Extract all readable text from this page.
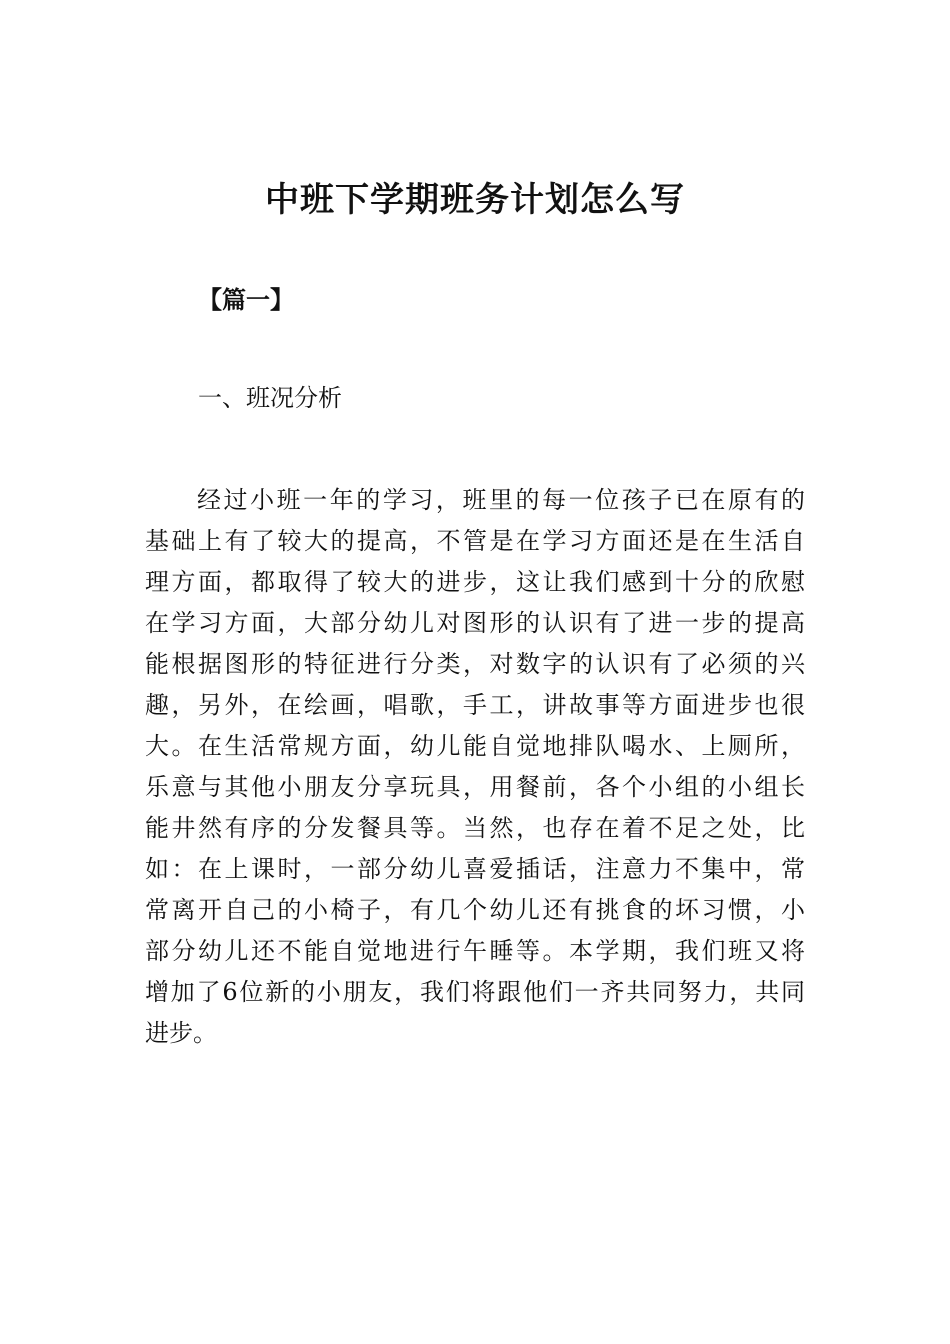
中班下学期班务计划怎么写

【篇一】

一、班况分析

经过小班一年的学习，班里的每一位孩子已在原有的
基础上有了较大的提高，不管是在学习方面还是在生活自
理方面，都取得了较大的进步，这让我们感到十分的欣慰
在学习方面，大部分幼儿对图形的认识有了进一步的提高
能根据图形的特征进行分类，对数字的认识有了必须的兴
趣，另外，在绘画，唱歌，手工，讲故事等方面进步也很
大。在生活常规方面，幼儿能自觉地排队喝水、上厕所，
乐意与其他小朋友分享玩具，用餐前，各个小组的小组长
能井然有序的分发餐具等。当然，也存在着不足之处，比
如：在上课时，一部分幼儿喜爱插话，注意力不集中，常
常离开自己的小椅子，有几个幼儿还有挑食的坏习惯，小
部分幼儿还不能自觉地进行午睡等。本学期，我们班又将
增加了6位新的小朋友，我们将跟他们一齐共同努力，共同
进步。
